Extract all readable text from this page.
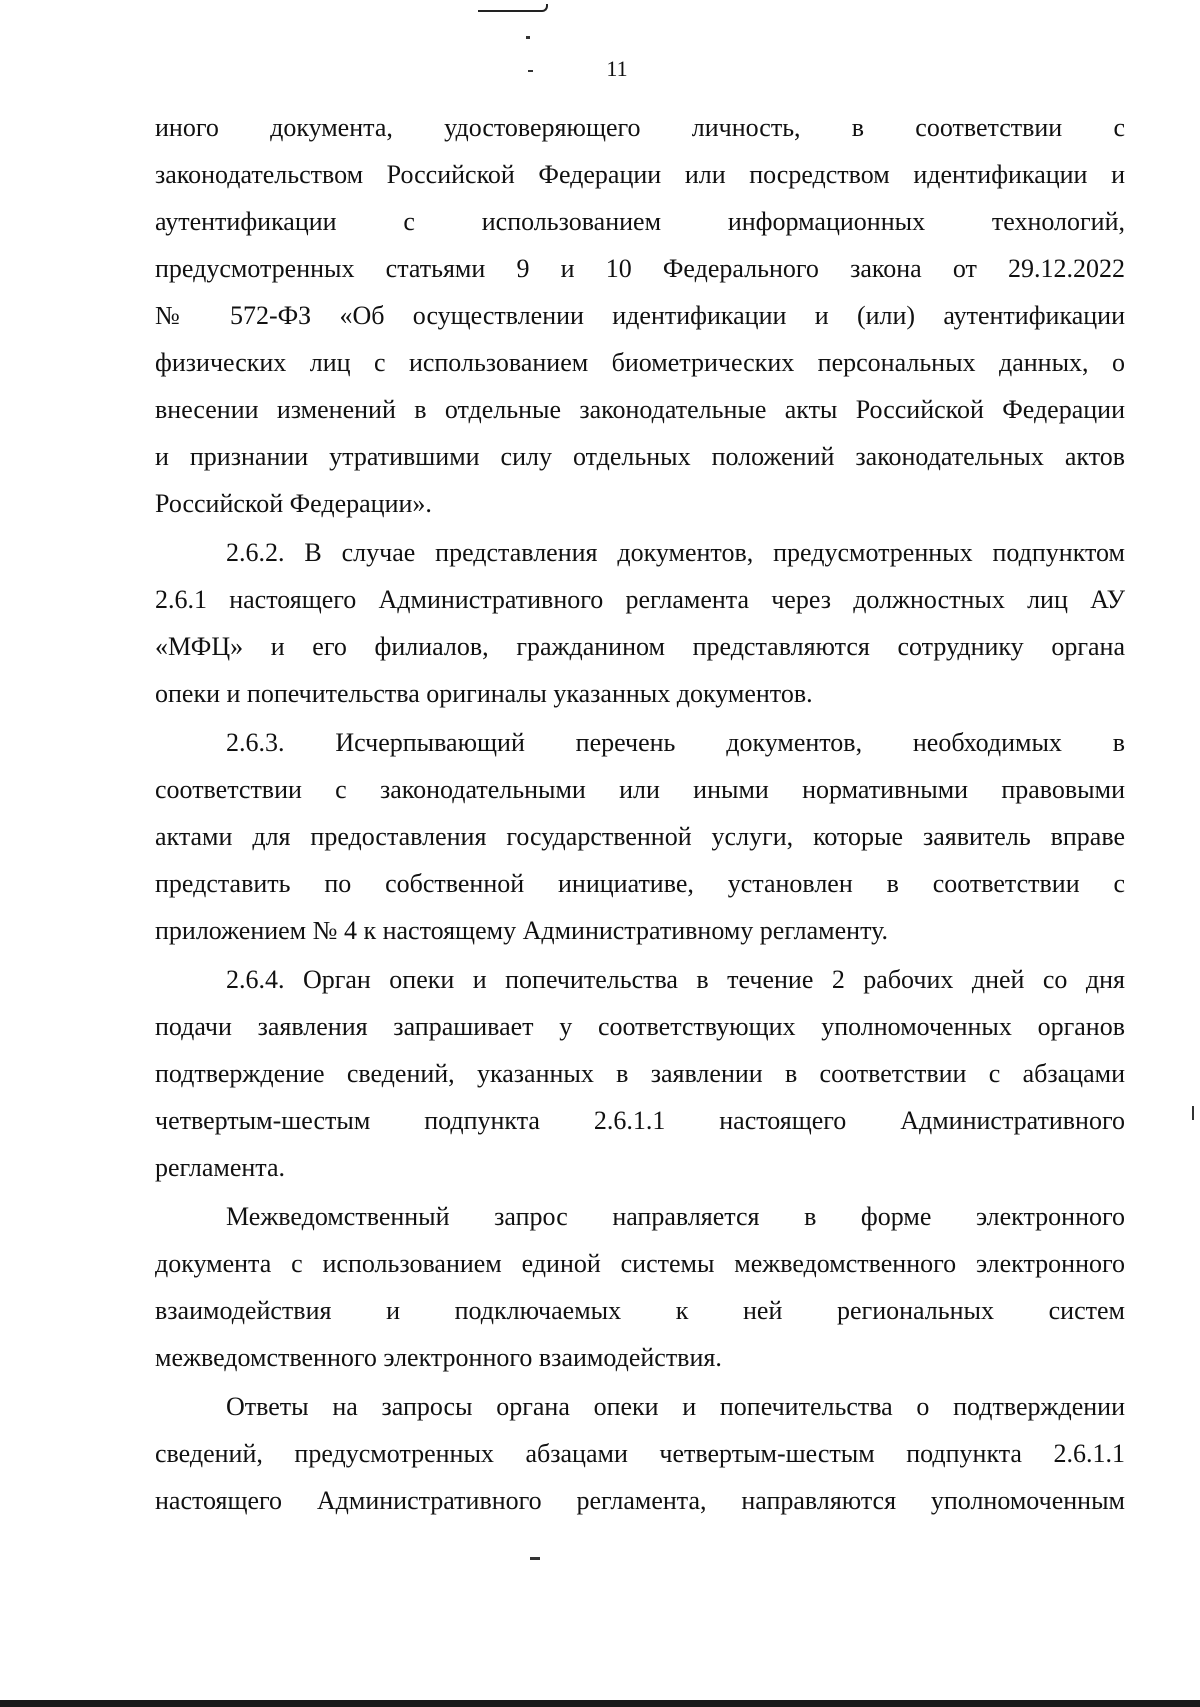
11
иного документа, удостоверяющего личность, в соответствии с
законодательством Российской Федерации или посредством идентификации и
аутентификации с использованием информационных технологий,
предусмотренных статьями 9 и 10 Федерального закона от 29.12.2022
№ 572-ФЗ «Об осуществлении идентификации и (или) аутентификации
физических лиц с использованием биометрических персональных данных, о
внесении изменений в отдельные законодательные акты Российской Федерации
и признании утратившими силу отдельных положений законодательных актов
Российской Федерации».
2.6.2. В случае представления документов, предусмотренных подпунктом
2.6.1 настоящего Административного регламента через должностных лиц АУ
«МФЦ» и его филиалов, гражданином представляются сотруднику органа
опеки и попечительства оригиналы указанных документов.
2.6.3. Исчерпывающий перечень документов, необходимых в
соответствии с законодательными или иными нормативными правовыми
актами для предоставления государственной услуги, которые заявитель вправе
представить по собственной инициативе, установлен в соответствии с
приложением № 4 к настоящему Административному регламенту.
2.6.4. Орган опеки и попечительства в течение 2 рабочих дней со дня
подачи заявления запрашивает у соответствующих уполномоченных органов
подтверждение сведений, указанных в заявлении в соответствии с абзацами
четвертым-шестым подпункта 2.6.1.1 настоящего Административного
регламента.
Межведомственный запрос направляется в форме электронного
документа с использованием единой системы межведомственного электронного
взаимодействия и подключаемых к ней региональных систем
межведомственного электронного взаимодействия.
Ответы на запросы органа опеки и попечительства о подтверждении
сведений, предусмотренных абзацами четвертым-шестым подпункта 2.6.1.1
настоящего Административного регламента, направляются уполномоченным
